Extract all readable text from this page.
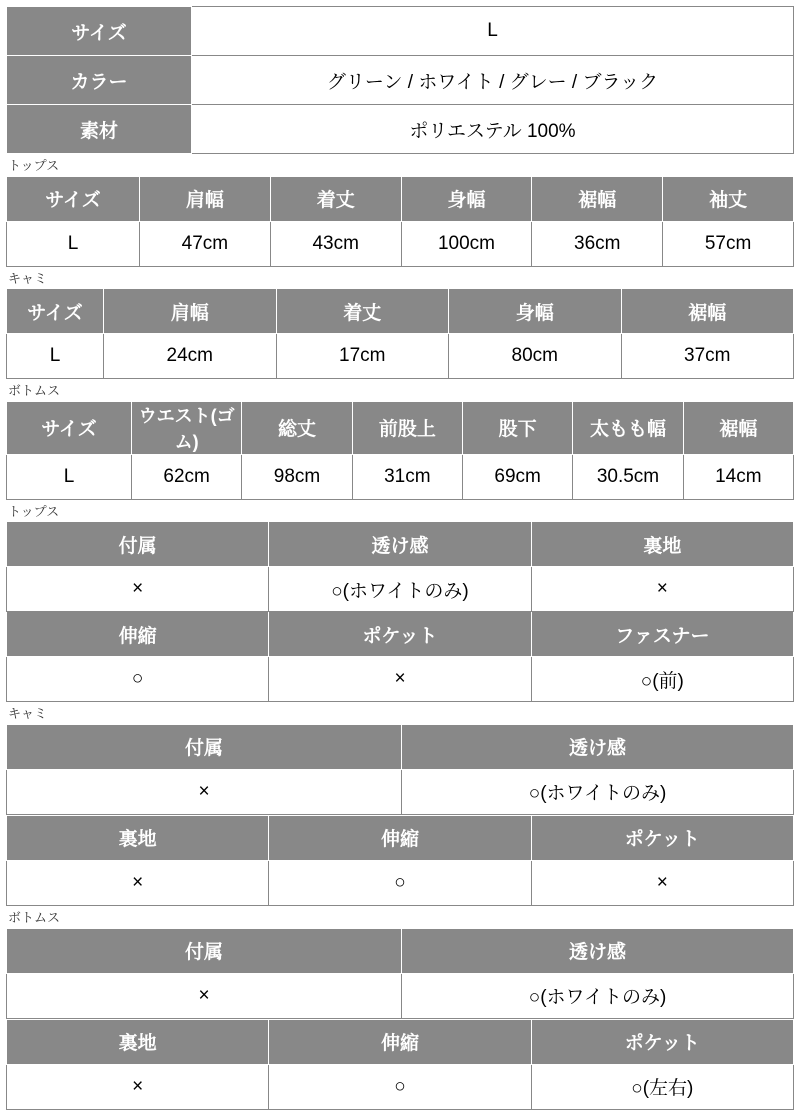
サイズ	L
カラー	グリーン / ホワイト / グレー / ブラック
素材	ポリエステル 100%
トップス
サイズ	肩幅	着丈	身幅	裾幅	袖丈
L	47cm	43cm	100cm	36cm	57cm
キャミ
サイズ	肩幅	着丈	身幅	裾幅
L	24cm	17cm	80cm	37cm
ボトムス
サイズ	ウエスト(ゴム)	総丈	前股上	股下	太もも幅	裾幅
L	62cm	98cm	31cm	69cm	30.5cm	14cm
トップス
付属	透け感	裏地
×	○(ホワイトのみ)	×
伸縮	ポケット	ファスナー
○	×	○(前)
キャミ
付属	透け感
×	○(ホワイトのみ)
裏地	伸縮	ポケット
×	○	×
ボトムス
付属	透け感
×	○(ホワイトのみ)
裏地	伸縮	ポケット
×	○	○(左右)
